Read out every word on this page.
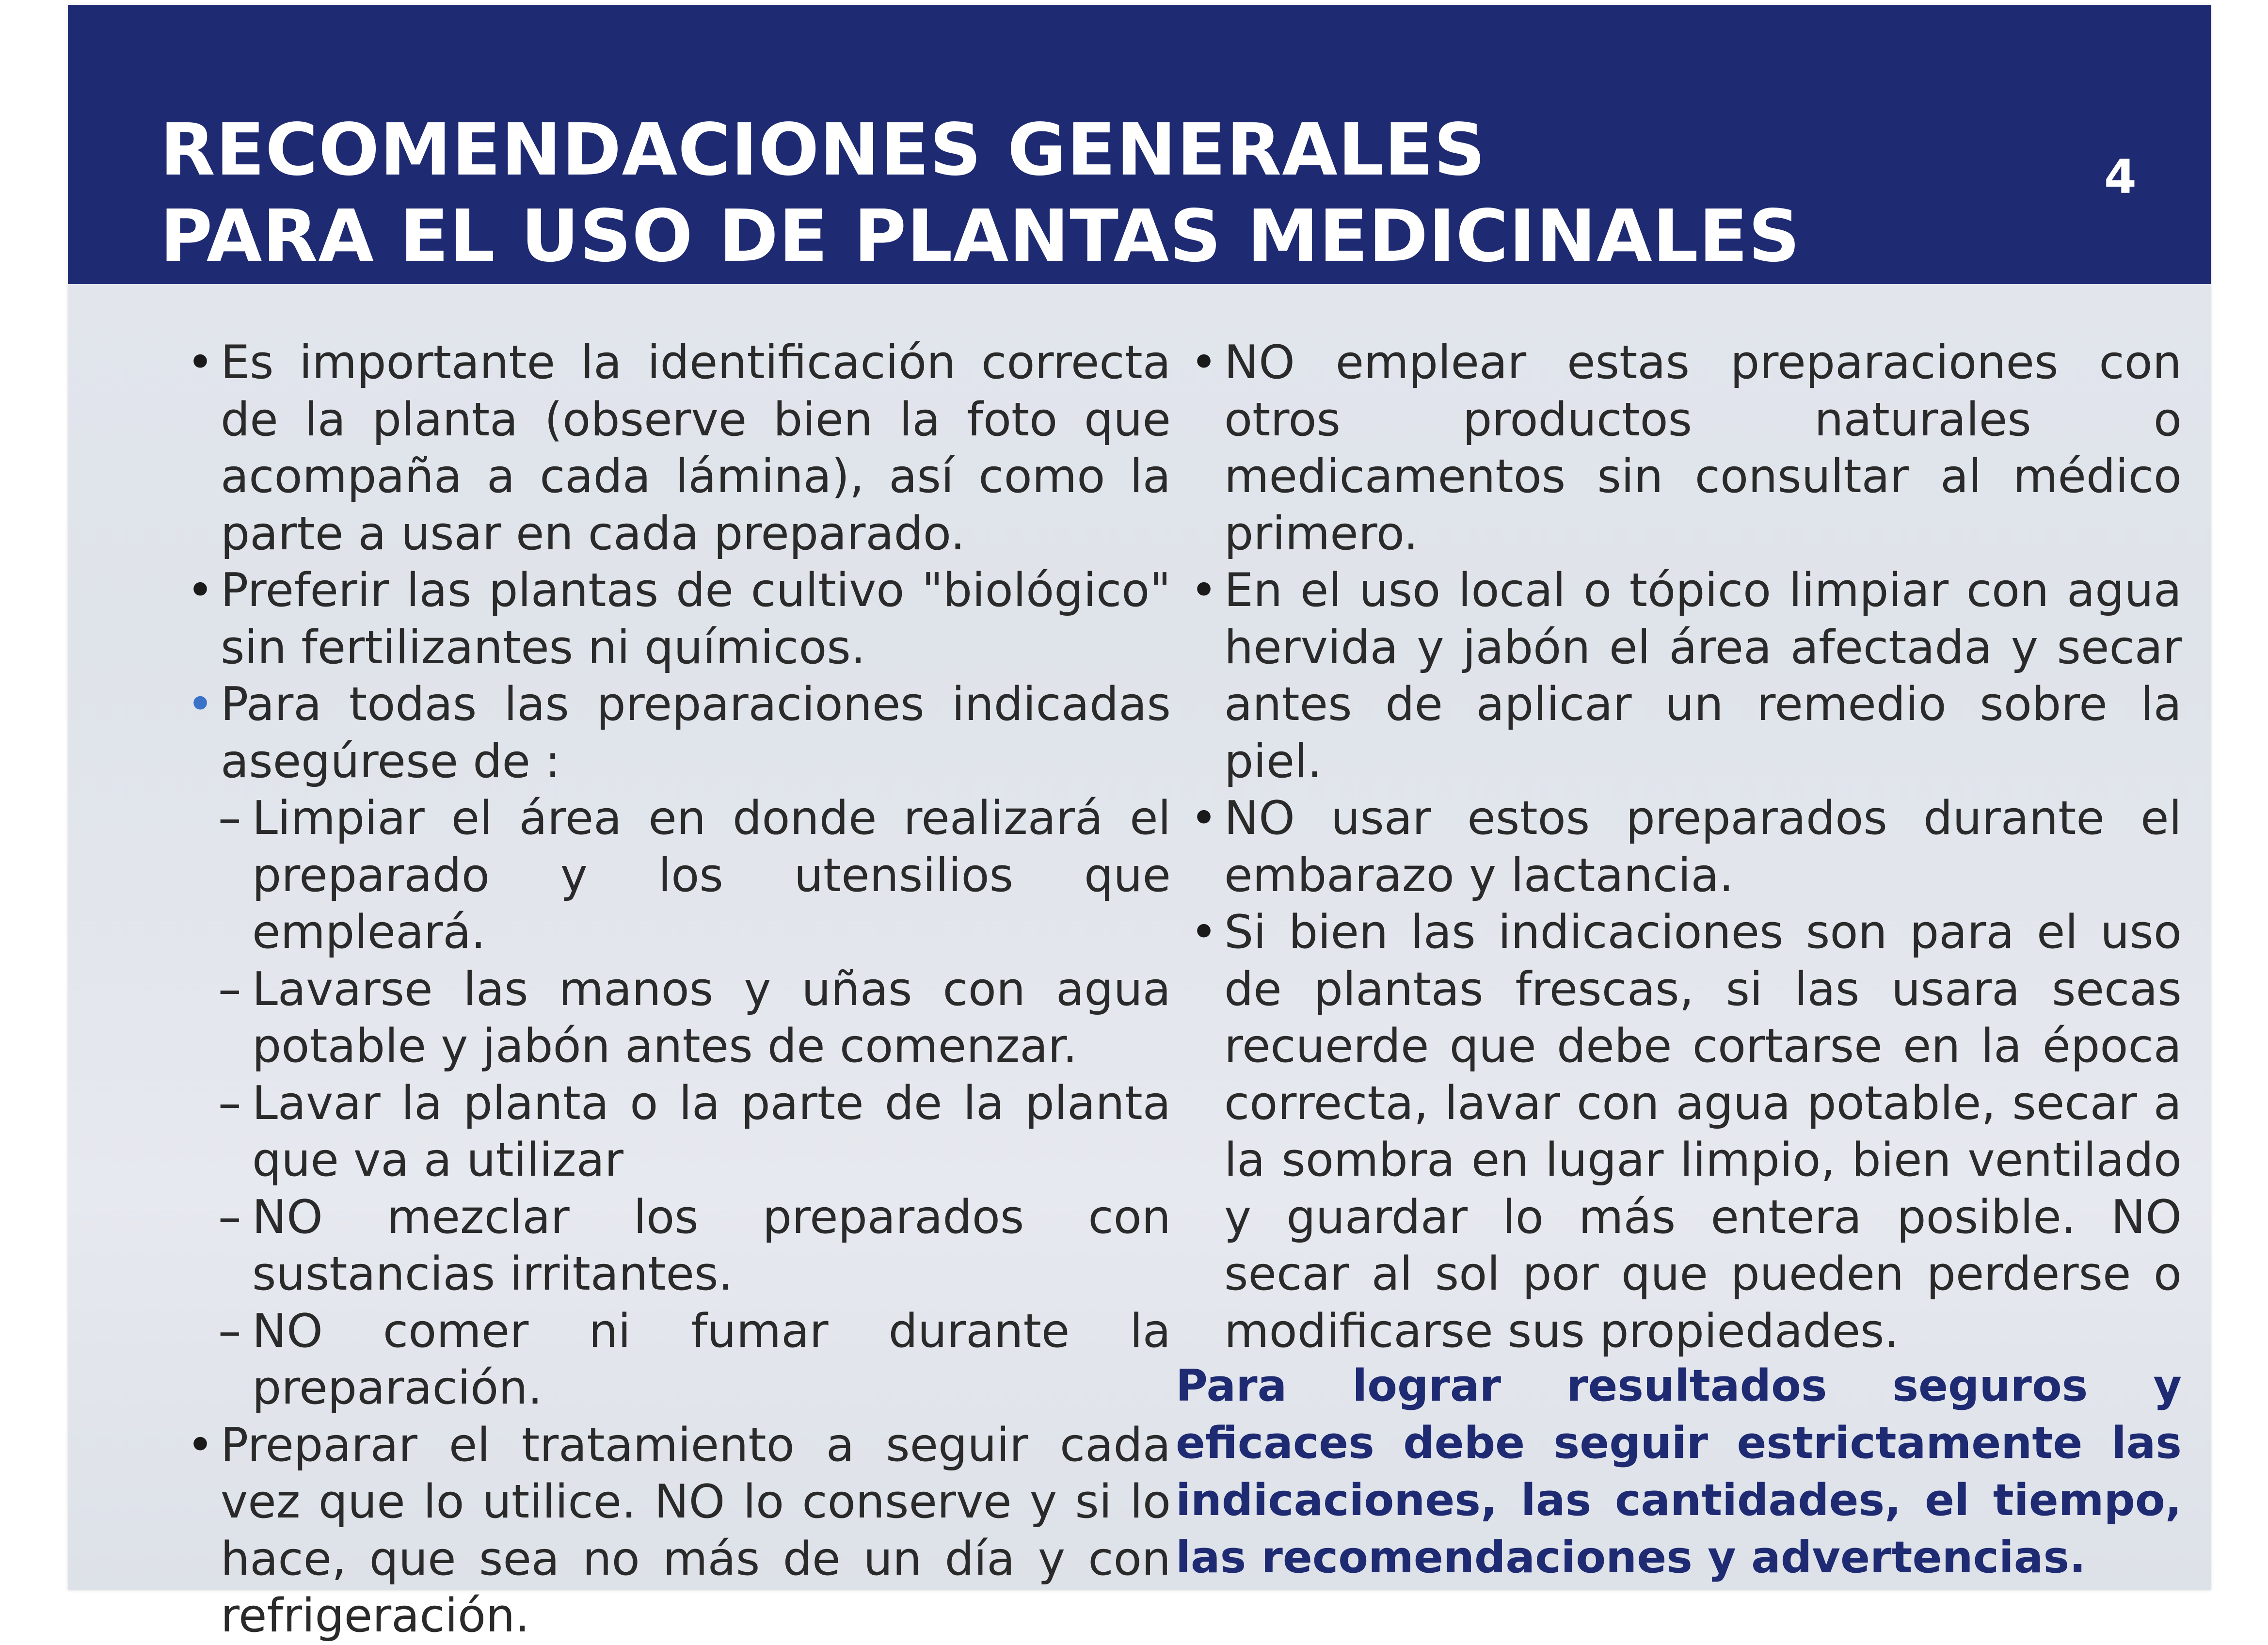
RECOMENDACIONES GENERALES
PARA EL USO DE PLANTAS MEDICINALES
4

• Es importante la identificación correcta de la planta (observe bien la foto que acompaña a cada lámina), así como la parte a usar en cada preparado.

• Preferir las plantas de cultivo "biológico" sin fertilizantes ni químicos.

• Para todas las preparaciones indicadas asegúrese de :

– Limpiar el área en donde realizará el preparado y los utensilios que empleará.

– Lavarse las manos y uñas con agua potable y jabón antes de comenzar.

– Lavar la planta o la parte de la planta que va a utilizar

– NO mezclar los preparados con sustancias irritantes.

– NO comer ni fumar durante la preparación.

• Preparar el tratamiento a seguir cada vez que lo utilice. NO lo conserve y si lo hace, que sea no más de un día y con refrigeración.

• NO emplear estas preparaciones con otros productos naturales o medicamentos sin consultar al médico primero.

• En el uso local o tópico limpiar con agua hervida y jabón el área afectada y secar antes de aplicar un remedio sobre la piel.

• NO usar estos preparados durante el embarazo y lactancia.

• Si bien las indicaciones son para el uso de plantas frescas, si las usara secas recuerde que debe cortarse en la época correcta, lavar con agua potable, secar a la sombra en lugar limpio, bien ventilado y guardar lo más entera posible. NO secar al sol por que pueden perderse o modificarse sus propiedades.

Para lograr resultados seguros y eficaces debe seguir estrictamente las indicaciones, las cantidades, el tiempo, las recomendaciones y advertencias.
